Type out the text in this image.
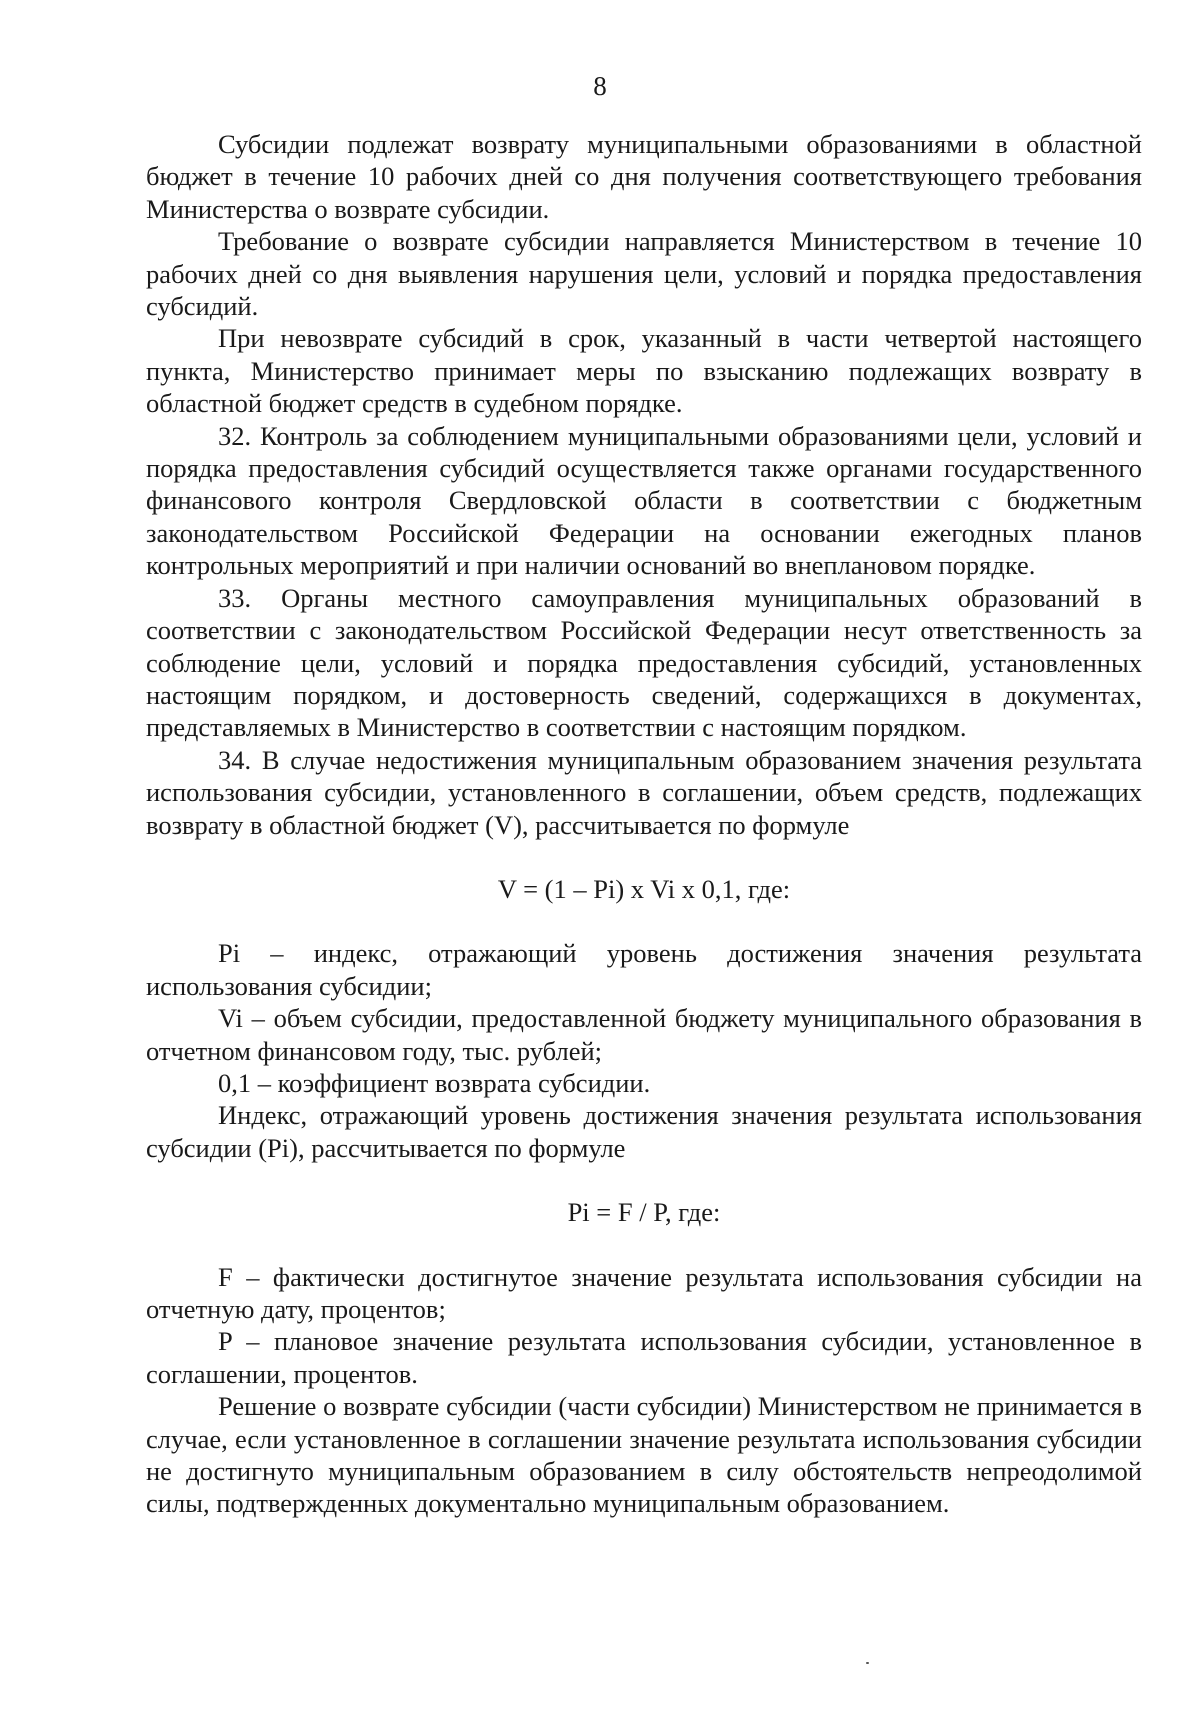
8

Субсидии подлежат возврату муниципальными образованиями в областной бюджет в течение 10 рабочих дней со дня получения соответствующего требования Министерства о возврате субсидии.

Требование о возврате субсидии направляется Министерством в течение 10 рабочих дней со дня выявления нарушения цели, условий и порядка предоставления субсидий.

При невозврате субсидий в срок, указанный в части четвертой настоящего пункта, Министерство принимает меры по взысканию подлежащих возврату в областной бюджет средств в судебном порядке.

32. Контроль за соблюдением муниципальными образованиями цели, условий и порядка предоставления субсидий осуществляется также органами государственного финансового контроля Свердловской области в соответствии с бюджетным законодательством Российской Федерации на основании ежегодных планов контрольных мероприятий и при наличии оснований во внеплановом порядке.

33. Органы местного самоуправления муниципальных образований в соответствии с законодательством Российской Федерации несут ответственность за соблюдение цели, условий и порядка предоставления субсидий, установленных настоящим порядком, и достоверность сведений, содержащихся в документах, представляемых в Министерство в соответствии с настоящим порядком.

34. В случае недостижения муниципальным образованием значения результата использования субсидии, установленного в соглашении, объем средств, подлежащих возврату в областной бюджет (V), рассчитывается по формуле

V = (1 – Pi) x Vi x 0,1, где:

Pi – индекс, отражающий уровень достижения значения результата использования субсидии;

Vi – объем субсидии, предоставленной бюджету муниципального образования в отчетном финансовом году, тыс. рублей;

0,1 – коэффициент возврата субсидии.

Индекс, отражающий уровень достижения значения результата использования субсидии (Pi), рассчитывается по формуле

Pi = F / P, где:

F – фактически достигнутое значение результата использования субсидии на отчетную дату, процентов;

P – плановое значение результата использования субсидии, установленное в соглашении, процентов.

Решение о возврате субсидии (части субсидии) Министерством не принимается в случае, если установленное в соглашении значение результата использования субсидии не достигнуто муниципальным образованием в силу обстоятельств непреодолимой силы, подтвержденных документально муниципальным образованием.
